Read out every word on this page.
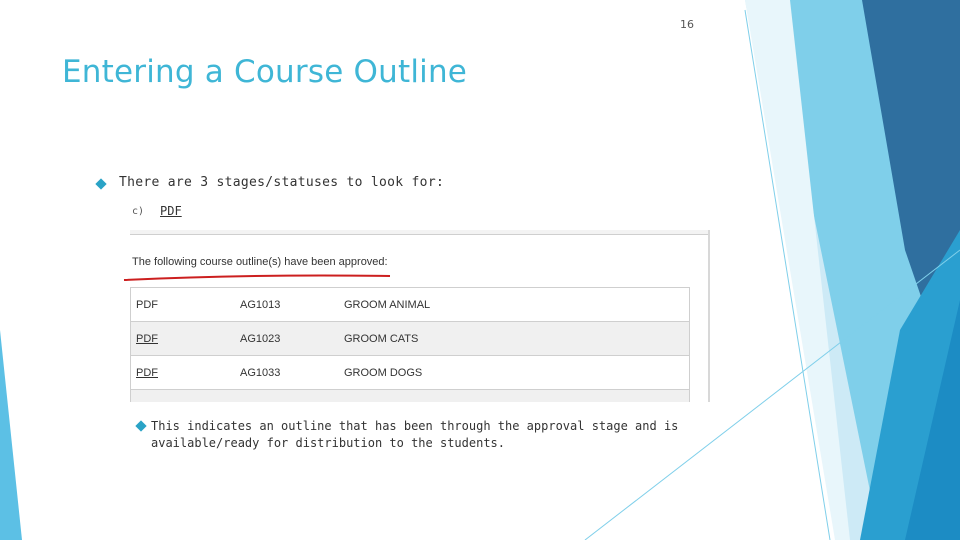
16
Entering a Course Outline
There are 3 stages/statuses to look for:
c) PDF
The following course outline(s) have been approved:
PDF	AG1013	GROOM ANIMAL
PDF	AG1023	GROOM CATS
PDF	AG1033	GROOM DOGS

This indicates an outline that has been through the approval stage and is available/ready for distribution to the students.
